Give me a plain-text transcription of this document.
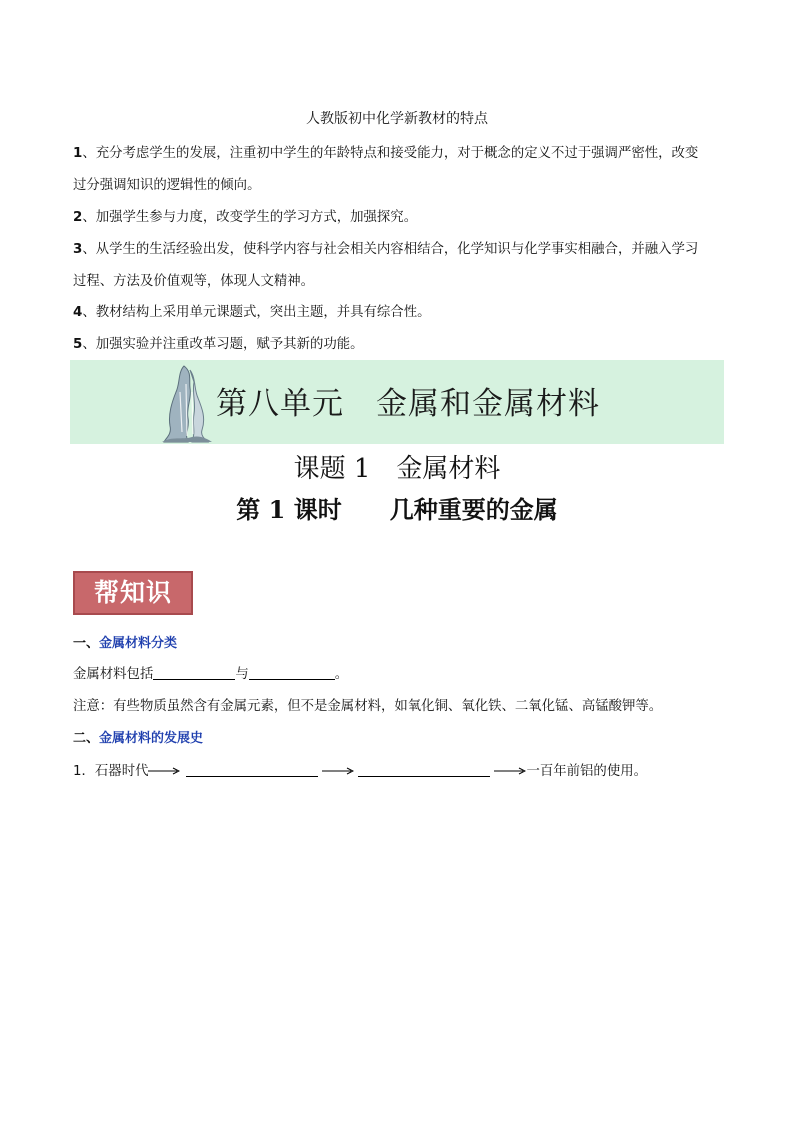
人教版初中化学新教材的特点
1、充分考虑学生的发展，注重初中学生的年龄特点和接受能力，对于概念的定义不过于强调严密性，改变
过分强调知识的逻辑性的倾向。
2、加强学生参与力度，改变学生的学习方式，加强探究。
3、从学生的生活经验出发，使科学内容与社会相关内容相结合，化学知识与化学事实相融合，并融入学习
过程、方法及价值观等，体现人文精神。
4、教材结构上采用单元课题式，突出主题，并具有综合性。
5、加强实验并注重改革习题，赋予其新的功能。
第八单元　金属和金属材料
课题 1　金属材料
第 1 课时　　几种重要的金属
帮知识
一、金属材料分类
金属材料包括	与	。
注意：有些物质虽然含有金属元素，但不是金属材料，如氧化铜、氧化铁、二氧化锰、高锰酸钾等。
二、金属材料的发展史
1．石器时代	一百年前铝的使用。
